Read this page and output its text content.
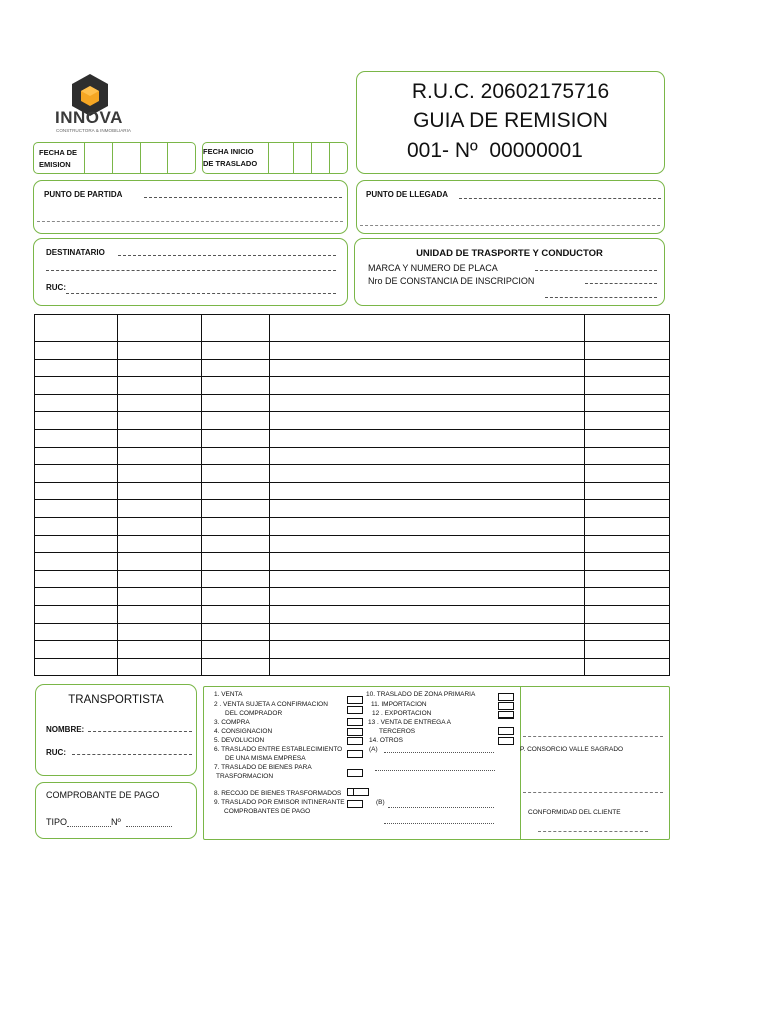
INNOVA
CONSTRUCTORA & INMOBILIARIA
R.U.C. 20602175716
GUIA DE REMISION
001- Nº  00000001
FECHA DE
EMISION
FECHA INICIO
DE TRASLADO
PUNTO DE PARTIDA	PUNTO DE LLEGADA
DESTINATARIO
RUC:
UNIDAD DE TRASPORTE Y CONDUCTOR
MARCA Y NUMERO DE PLACA
Nro DE CONSTANCIA DE INSCRIPCION

TRANSPORTISTA
NOMBRE:
RUC:
COMPROBANTE DE PAGO
TIPO	Nº
1. VENTA
2 . VENTA SUJETA A CONFIRMACION
DEL COMPRADOR
3. COMPRA
4. CONSIGNACION
5. DEVOLUCION
6. TRASLADO ENTRE ESTABLECIMIENTO
DE UNA MISMA EMPRESA
7. TRASLADO DE BIENES PARA
TRASFORMACION
8. RECOJO DE BIENES TRASFORMADOS
9. TRASLADO POR EMISOR INTINERANTE
COMPROBANTES DE PAGO
10. TRASLADO DE ZONA PRIMARIA
11. IMPORTACION
12 . EXPORTACION
13 . VENTA DE ENTREGA A
TERCEROS
14. OTROS
(A)
(B)
P. CONSORCIO VALLE SAGRADO
CONFORMIDAD DEL CLIENTE
